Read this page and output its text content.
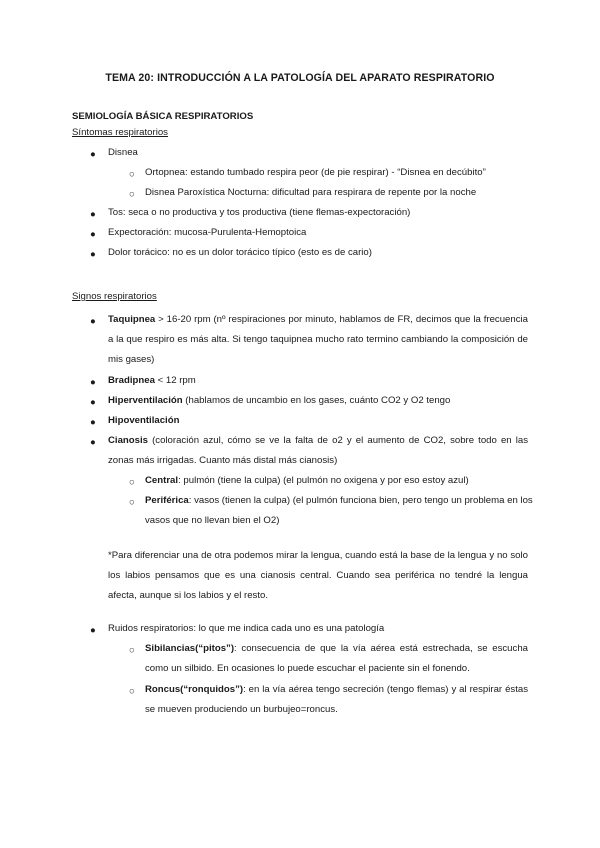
TEMA 20: INTRODUCCIÓN A LA PATOLOGÍA DEL APARATO RESPIRATORIO
SEMIOLOGÍA BÁSICA RESPIRATORIOS
Síntomas respiratorios
● Disnea
○ Ortopnea: estando tumbado respira peor (de pie respirar) - “Disnea en decúbito”
○ Disnea Paroxística Nocturna: dificultad para respirara de repente por la noche
● Tos: seca o no productiva y tos productiva (tiene flemas-expectoración)
● Expectoración: mucosa-Purulenta-Hemoptoica
● Dolor torácico: no es un dolor torácico típico (esto es de cario)
Signos respiratorios
● Taquipnea > 16-20 rpm (nº respiraciones por minuto, hablamos de FR, decimos que la frecuencia a la que respiro es más alta. Si tengo taquipnea mucho rato termino cambiando la composición de mis gases)
● Bradipnea < 12 rpm
● Hiperventilación (hablamos de uncambio en los gases, cuánto CO2 y O2 tengo
● Hipoventilación
● Cianosis (coloración azul, cómo se ve la falta de o2 y el aumento de CO2, sobre todo en las zonas más irrigadas. Cuanto más distal más cianosis)
○ Central: pulmón (tiene la culpa) (el pulmón no oxigena y por eso estoy azul)
○ Periférica: vasos (tienen la culpa) (el pulmón funciona bien, pero tengo un problema en los vasos que no llevan bien el O2)
*Para diferenciar una de otra podemos mirar la lengua, cuando está la base de la lengua y no solo los labios pensamos que es una cianosis central. Cuando sea periférica no tendré la lengua afecta, aunque si los labios y el resto.
● Ruidos respiratorios: lo que me indica cada uno es una patología
○ Sibilancias(“pitos”): consecuencia de que la vía aérea está estrechada, se escucha como un silbido. En ocasiones lo puede escuchar el paciente sin el fonendo.
○ Roncus(“ronquidos”): en la vía aérea tengo secreción (tengo flemas) y al respirar éstas se mueven produciendo un burbujeo=roncus.
